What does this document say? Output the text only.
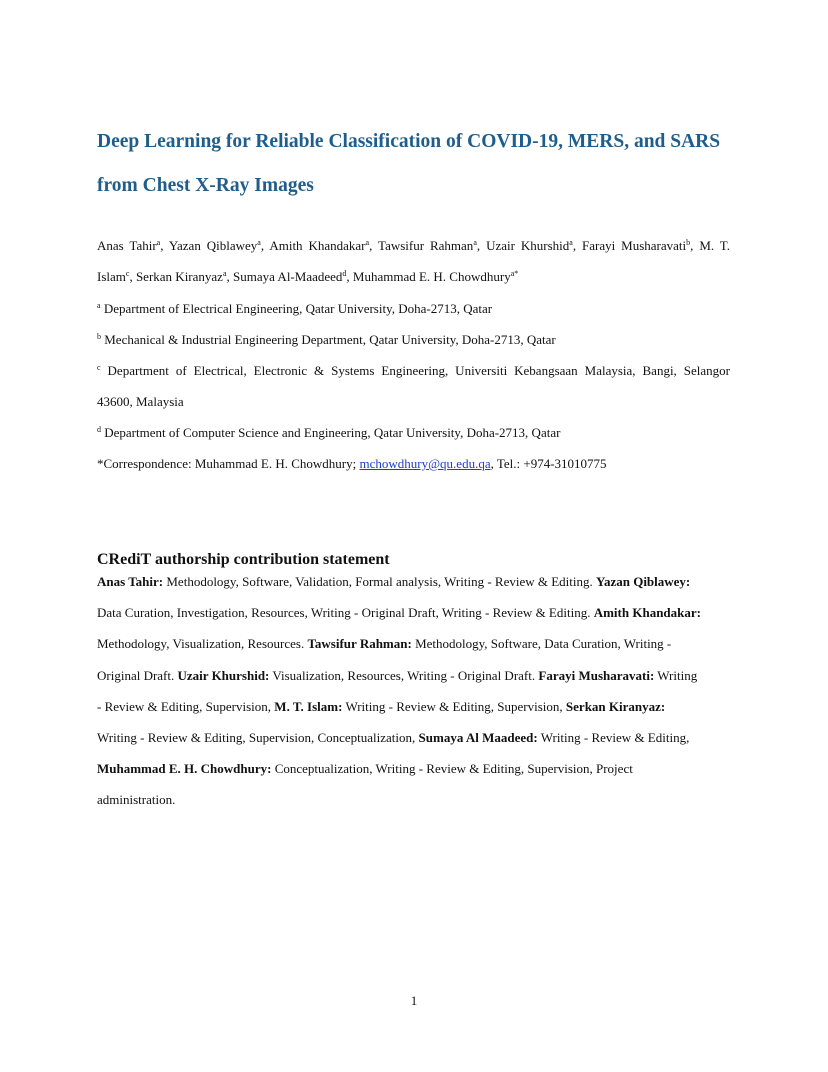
Deep Learning for Reliable Classification of COVID-19, MERS, and SARS
from Chest X-Ray Images
Anas Tahir$^a$, Yazan Qiblawey$^a$, Amith Khandakar$^a$, Tawsifur Rahman$^a$, Uzair Khurshid$^a$, Farayi Musharavati$^b$, M. T.
Islam$^c$, Serkan Kiranyaz$^a$, Sumaya Al-Maadeed$^d$, Muhammad E. H. Chowdhury$^{a*}$
$^a$ Department of Electrical Engineering, Qatar University, Doha-2713, Qatar
$^b$ Mechanical & Industrial Engineering Department, Qatar University, Doha-2713, Qatar
$^c$ Department of Electrical, Electronic & Systems Engineering, Universiti Kebangsaan Malaysia, Bangi, Selangor
43600, Malaysia
$^d$ Department of Computer Science and Engineering, Qatar University, Doha-2713, Qatar
*Correspondence: Muhammad E. H. Chowdhury; mchowdhury@qu.edu.qa, Tel.: +974-31010775
CRediT authorship contribution statement
Anas Tahir: Methodology, Software, Validation, Formal analysis, Writing - Review & Editing. Yazan Qiblawey:
Data Curation, Investigation, Resources, Writing - Original Draft, Writing - Review & Editing. Amith Khandakar:
Methodology, Visualization, Resources. Tawsifur Rahman: Methodology, Software, Data Curation, Writing -
Original Draft. Uzair Khurshid: Visualization, Resources, Writing - Original Draft. Farayi Musharavati: Writing
- Review & Editing, Supervision, M. T. Islam: Writing - Review & Editing, Supervision, Serkan Kiranyaz:
Writing - Review & Editing, Supervision, Conceptualization, Sumaya Al Maadeed: Writing - Review & Editing,
Muhammad E. H. Chowdhury: Conceptualization, Writing - Review & Editing, Supervision, Project
administration.
1
